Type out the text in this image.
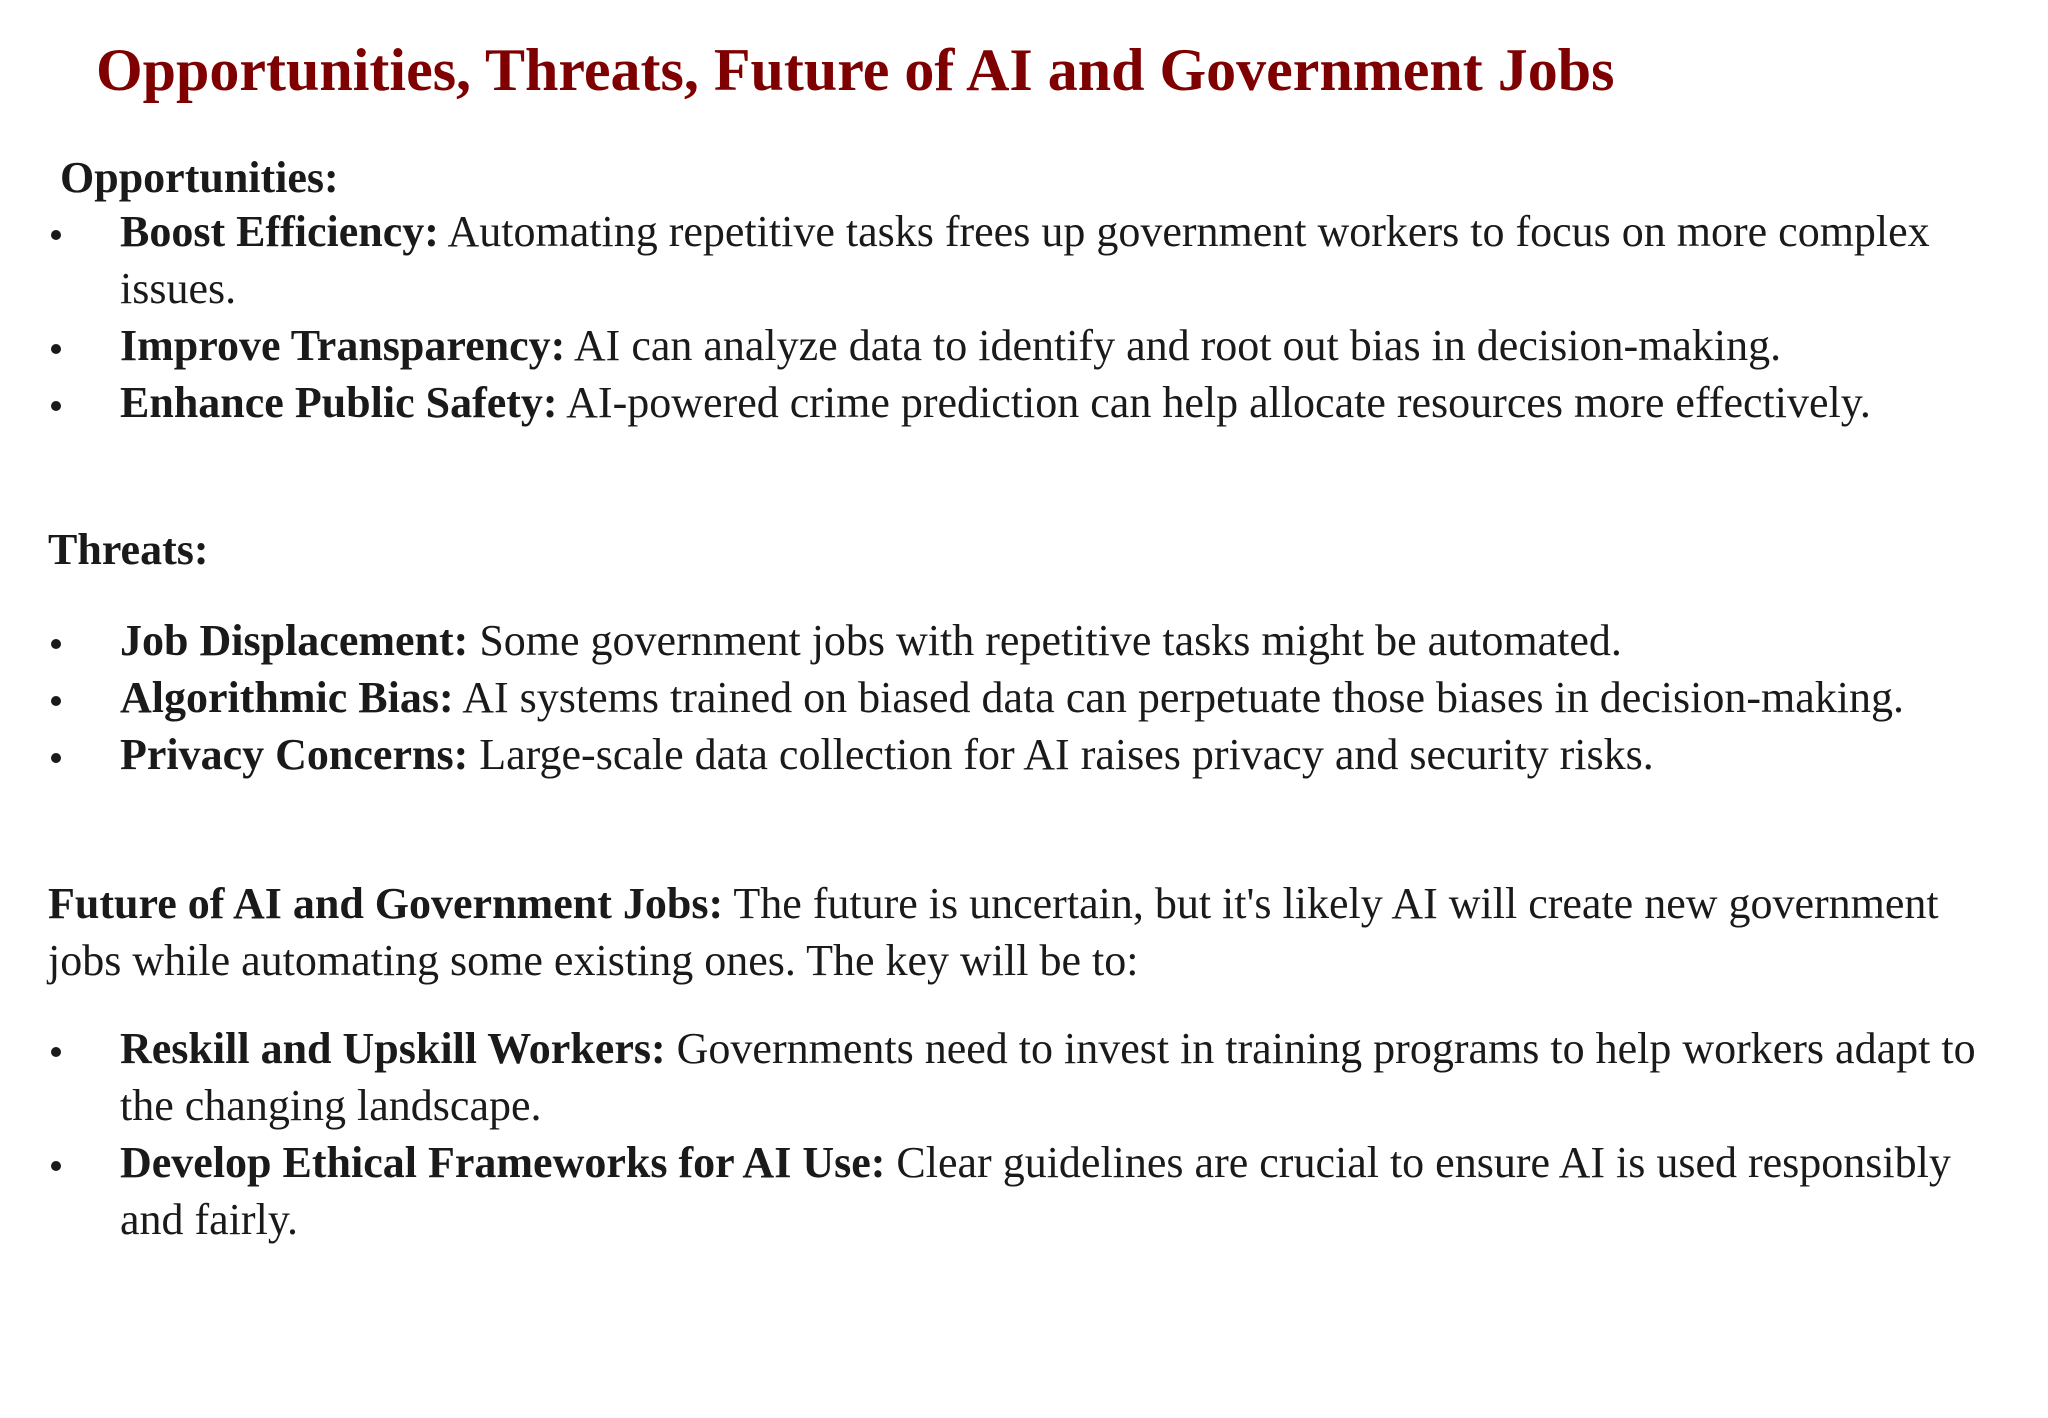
Opportunities, Threats, Future of AI and Government Jobs
Opportunities:
Boost Efficiency: Automating repetitive tasks frees up government workers to focus on more complex issues.
Improve Transparency: AI can analyze data to identify and root out bias in decision-making.
Enhance Public Safety: AI-powered crime prediction can help allocate resources more effectively.
Threats:
Job Displacement: Some government jobs with repetitive tasks might be automated.
Algorithmic Bias: AI systems trained on biased data can perpetuate those biases in decision-making.
Privacy Concerns: Large-scale data collection for AI raises privacy and security risks.

Future of AI and Government Jobs: The future is uncertain, but it's likely AI will create new government jobs while automating some existing ones. The key will be to:

Reskill and Upskill Workers: Governments need to invest in training programs to help workers adapt to the changing landscape.
Develop Ethical Frameworks for AI Use: Clear guidelines are crucial to ensure AI is used responsibly and fairly.
